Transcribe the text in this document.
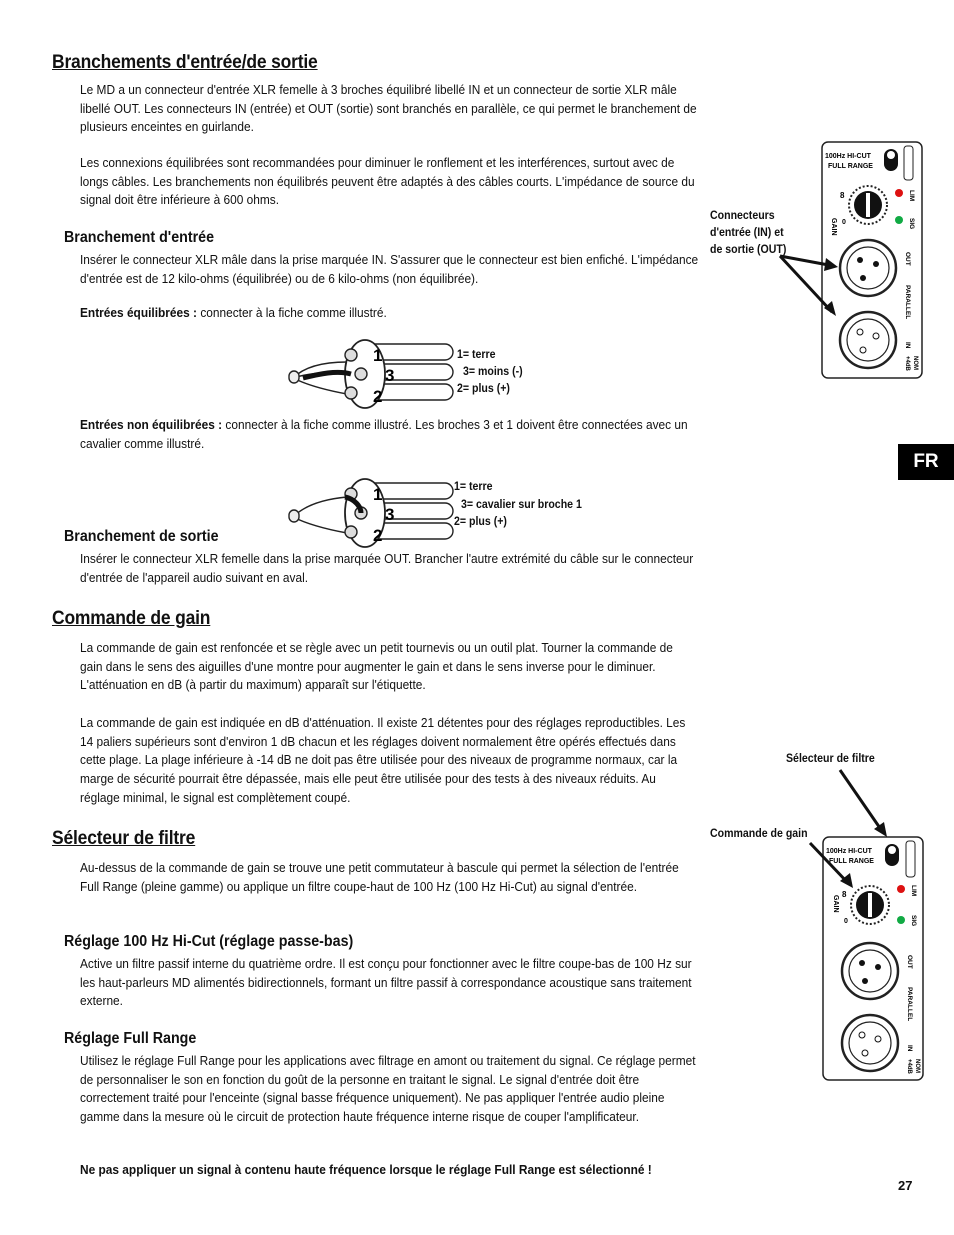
Branchements d'entrée/de sortie
Le MD a un connecteur d'entrée XLR femelle à 3 broches équilibré libellé IN et un connecteur de sortie XLR mâle libellé OUT. Les connecteurs IN (entrée) et OUT (sortie) sont branchés en parallèle, ce qui permet le branchement de plusieurs enceintes en guirlande.
Les connexions équilibrées sont recommandées pour diminuer le ronflement et les interférences, surtout avec de longs câbles. Les branchements non équilibrés peuvent être adaptés à des câbles courts. L'impédance de source du signal doit être inférieure à 600 ohms.
Branchement d'entrée
Insérer le connecteur XLR mâle dans la prise marquée IN. S'assurer que le connecteur est bien enfiché. L'impédance d'entrée est de 12 kilo-ohms (équilibrée) ou de 6 kilo-ohms (non équilibrée).
Entrées équilibrées : connecter à la fiche comme illustré.
1
3
2
1= terre
3= moins (-)
2= plus (+)
Entrées non équilibrées : connecter à la fiche comme illustré. Les broches 3 et 1 doivent être connectées avec un cavalier comme illustré.
1
3
2
1= terre
3= cavalier sur broche 1
2= plus (+)
Branchement de sortie
Insérer le connecteur XLR femelle dans la prise marquée OUT. Brancher l'autre extrémité du câble sur le connecteur d'entrée de l'appareil audio suivant en aval.
Commande de gain
La commande de gain est renfoncée et se règle avec un petit tournevis ou un outil plat. Tourner la commande de gain dans le sens des aiguilles d'une montre pour augmenter le gain et dans le sens inverse pour le diminuer. L'atténuation en dB (à partir du maximum) apparaît sur l'étiquette.
La commande de gain est indiquée en dB d'atténuation. Il existe 21 détentes pour des réglages reproductibles. Les 14 paliers supérieurs sont d'environ 1 dB chacun et les réglages doivent normalement être opérés effectués dans cette plage. La plage inférieure à -14 dB ne doit pas être utilisée pour des niveaux de programme normaux, car la marge de sécurité pourrait être dépassée, mais elle peut être utilisée pour des tests à des niveaux réduits. Au réglage minimal, le signal est complètement coupé.
Sélecteur de filtre
Au-dessus de la commande de gain se trouve une petit commutateur à bascule qui permet la sélection de l'entrée Full Range (pleine gamme) ou applique un filtre coupe-haut de 100 Hz (100 Hz Hi-Cut) au signal d'entrée.
Réglage 100 Hz Hi-Cut (réglage passe-bas)
Active un filtre passif interne du quatrième ordre. Il est conçu pour fonctionner avec le filtre coupe-bas de 100 Hz sur les haut-parleurs MD alimentés bidirectionnels, formant un filtre passif à correspondance acoustique sans traitement externe.
Réglage Full Range
Utilisez le réglage Full Range pour les applications avec filtrage en amont ou traitement du signal. Ce réglage permet de personnaliser le son en fonction du goût de la personne en traitant le signal. Le signal d'entrée doit être correctement traité pour l'enceinte (signal basse fréquence uniquement). Ne pas appliquer l'entrée audio pleine gamme dans la mesure où le circuit de protection haute fréquence interne risque de couper l'amplificateur.
Ne pas appliquer un signal à contenu haute fréquence lorsque le réglage Full Range est sélectionné !
FR
27
Connecteurs
d'entrée (IN) et
de sortie (OUT)
100Hz HI-CUT
FULL RANGE
8
0
GAIN
LIM
SIG
OUT
PARALLEL
IN
NOM
+4dB
Sélecteur de filtre
Commande de gain
100Hz HI-CUT
FULL RANGE
8
0
GAIN
LIM
SIG
OUT
PARALLEL
IN
NOM
+4dB
